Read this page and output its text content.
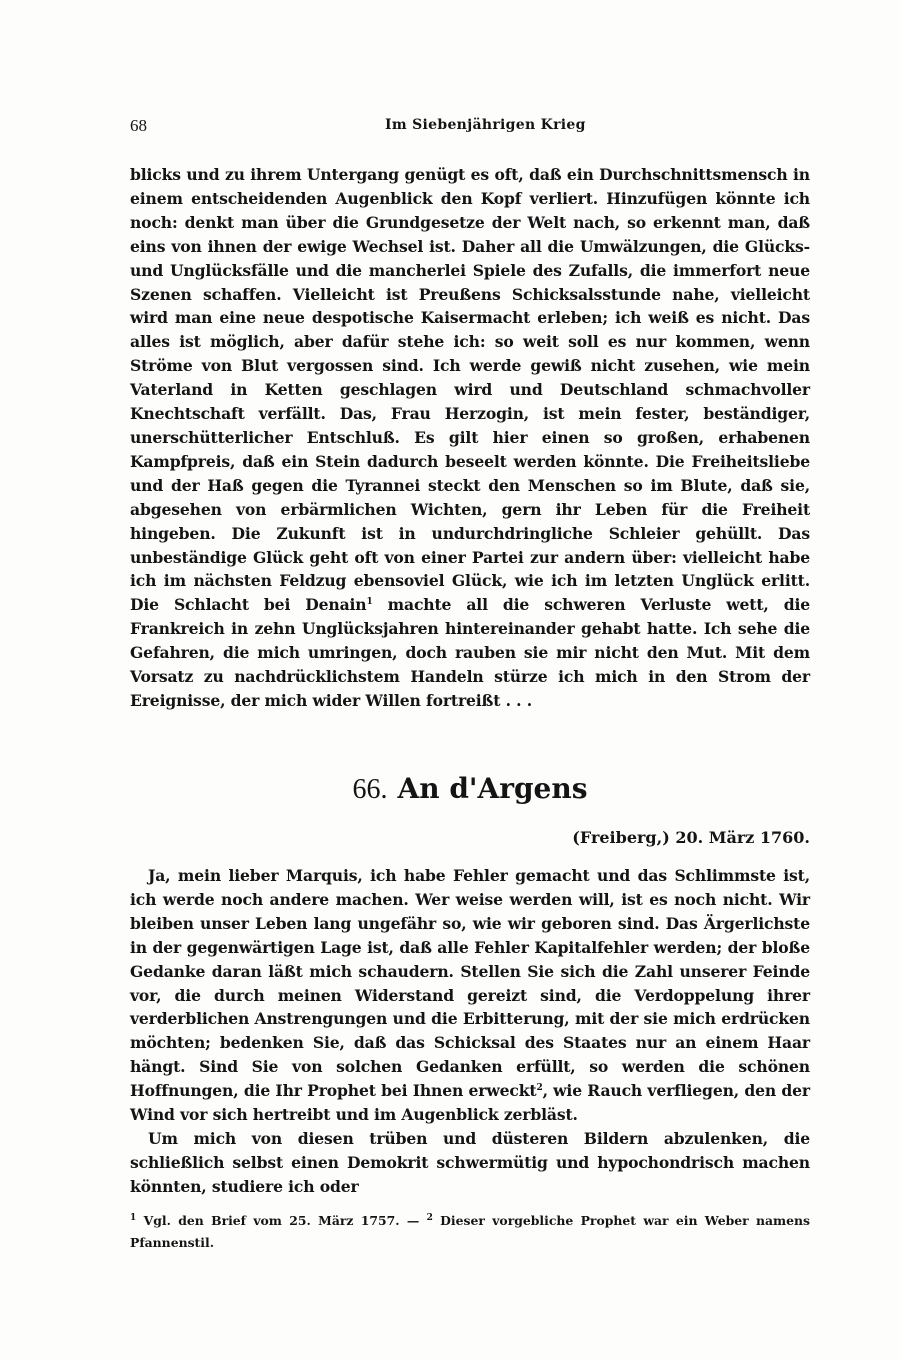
68	Im Siebenjährigen Krieg
blicks und zu ihrem Untergang genügt es oft, daß ein Durchschnittsmensch in einem entscheidenden Augenblick den Kopf verliert. Hinzufügen könnte ich noch: denkt man über die Grundgesetze der Welt nach, so erkennt man, daß eins von ihnen der ewige Wechsel ist. Daher all die Umwälzungen, die Glücks- und Unglücksfälle und die mancherlei Spiele des Zufalls, die immerfort neue Szenen schaffen. Vielleicht ist Preußens Schicksalsstunde nahe, vielleicht wird man eine neue despotische Kaisermacht erleben; ich weiß es nicht. Das alles ist möglich, aber dafür stehe ich: so weit soll es nur kommen, wenn Ströme von Blut vergossen sind. Ich werde gewiß nicht zusehen, wie mein Vaterland in Ketten geschlagen wird und Deutschland schmachvoller Knechtschaft verfällt. Das, Frau Herzogin, ist mein fester, beständiger, unerschütterlicher Entschluß. Es gilt hier einen so großen, erhabenen Kampfpreis, daß ein Stein dadurch beseelt werden könnte. Die Freiheitsliebe und der Haß gegen die Tyrannei steckt den Menschen so im Blute, daß sie, abgesehen von erbärmlichen Wichten, gern ihr Leben für die Freiheit hingeben. Die Zukunft ist in undurchdringliche Schleier gehüllt. Das unbeständige Glück geht oft von einer Partei zur andern über: vielleicht habe ich im nächsten Feldzug ebensoviel Glück, wie ich im letzten Unglück erlitt. Die Schlacht bei Denain$^1$ machte all die schweren Verluste wett, die Frankreich in zehn Unglücksjahren hintereinander gehabt hatte. Ich sehe die Gefahren, die mich umringen, doch rauben sie mir nicht den Mut. Mit dem Vorsatz zu nachdrücklichstem Handeln stürze ich mich in den Strom der Ereignisse, der mich wider Willen fortreißt . . .
66. An d'Argens
(Freiberg,) 20. März 1760.

Ja, mein lieber Marquis, ich habe Fehler gemacht und das Schlimmste ist, ich werde noch andere machen. Wer weise werden will, ist es noch nicht. Wir bleiben unser Leben lang ungefähr so, wie wir geboren sind. Das Ärgerlichste in der gegenwärtigen Lage ist, daß alle Fehler Kapitalfehler werden; der bloße Gedanke daran läßt mich schaudern. Stellen Sie sich die Zahl unserer Feinde vor, die durch meinen Widerstand gereizt sind, die Verdoppelung ihrer verderblichen Anstrengungen und die Erbitterung, mit der sie mich erdrücken möchten; bedenken Sie, daß das Schicksal des Staates nur an einem Haar hängt. Sind Sie von solchen Gedanken erfüllt, so werden die schönen Hoffnungen, die Ihr Prophet bei Ihnen erweckt$^2$, wie Rauch verfliegen, den der Wind vor sich hertreibt und im Augenblick zerbläst.

Um mich von diesen trüben und düsteren Bildern abzulenken, die schließlich selbst einen Demokrit schwermütig und hypochondrisch machen könnten, studiere ich oder

$^1$ Vgl. den Brief vom 25. März 1757. — $^2$ Dieser vorgebliche Prophet war ein Weber namens Pfannenstil.
